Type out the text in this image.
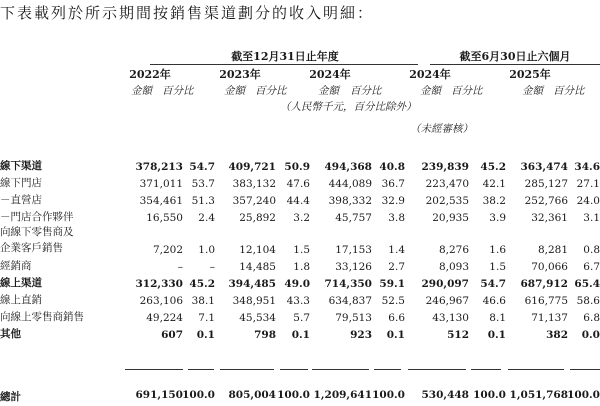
下表載列於所示期間按銷售渠道劃分的收入明細：
截至12月31日止年度	截至6月30日止六個月
2022年	2023年	2024年	2024年	2025年
金額 百分比	金額 百分比	金額 百分比	金額 百分比	金額 百分比
（人民幣千元，百分比除外）
（未經審核）
線下渠道	378,213	54.7	409,721	50.9	494,368	40.8	239,839	45.2	363,474	34.6
線下門店	371,011	53.7	383,132	47.6	444,089	36.7	223,470	42.1	285,127	27.1
－直營店	354,461	51.3	357,240	44.4	398,332	32.9	202,535	38.2	252,766	24.0
－門店合作夥伴	16,550	2.4	25,892	3.2	45,757	3.8	20,935	3.9	32,361	3.1

向線下零售商及
企業客戶銷售	7,202	1.0	12,104	1.5	17,153	1.4	8,276	1.6	8,281	0.8
經銷商	–	–	14,485	1.8	33,126	2.7	8,093	1.5	70,066	6.7
線上渠道	312,330	45.2	394,485	49.0	714,350	59.1	290,097	54.7	687,912	65.4
線上直銷	263,106	38.1	348,951	43.3	634,837	52.5	246,967	46.6	616,775	58.6
向線上零售商銷售	49,224	7.1	45,534	5.7	79,513	6.6	43,130	8.1	71,137	6.8
其他	607	0.1	798	0.1	923	0.1	512	0.1	382	0.0
總計	691,150 100.0 805,004 100.0 1,209,641 100.0 530,448 100.0 1,051,768 100.0
